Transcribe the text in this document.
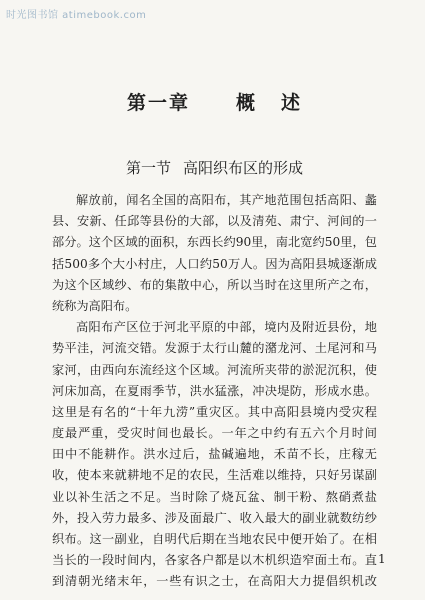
时光图书馆 atimebook.com
第一章 概 述
第一节 高阳织布区的形成
解放前，闻名全国的高阳布，其产地范围包括高阳、蠡
县、安新、任邱等县份的大部，以及清苑、肃宁、河间的一
部分。这个区域的面积，东西长约90里，南北宽约50里，包
括500多个大小村庄，人口约50万人。因为高阳县城逐渐成
为这个区域纱、布的集散中心，所以当时在这里所产之布，
统称为高阳布。
高阳布产区位于河北平原的中部，境内及附近县份，地
势平洼，河流交错。发源于太行山麓的潴龙河、土尾河和马
家河，由西向东流经这个区域。河流所夹带的淤泥沉积，使
河床加高，在夏雨季节，洪水猛涨，冲决堤防，形成水患。
这里是有名的“十年九涝”重灾区。其中高阳县境内受灾程
度最严重，受灾时间也最长。一年之中约有五六个月时间
田中不能耕作。洪水过后，盐碱遍地，禾苗不长，庄稼无
收，使本来就耕地不足的农民，生活难以维持，只好另谋副
业以补生活之不足。当时除了烧瓦盆、制干粉、熬硝煮盐
外，投入劳力最多、涉及面最广、收入最大的副业就数纺纱
织布。这一副业，自明代后期在当地农民中便开始了。在相
当长的一段时间内，各家各户都是以木机织造窄面土布。直
到清朝光绪末年，一些有识之士，在高阳大力提倡织机改
1
